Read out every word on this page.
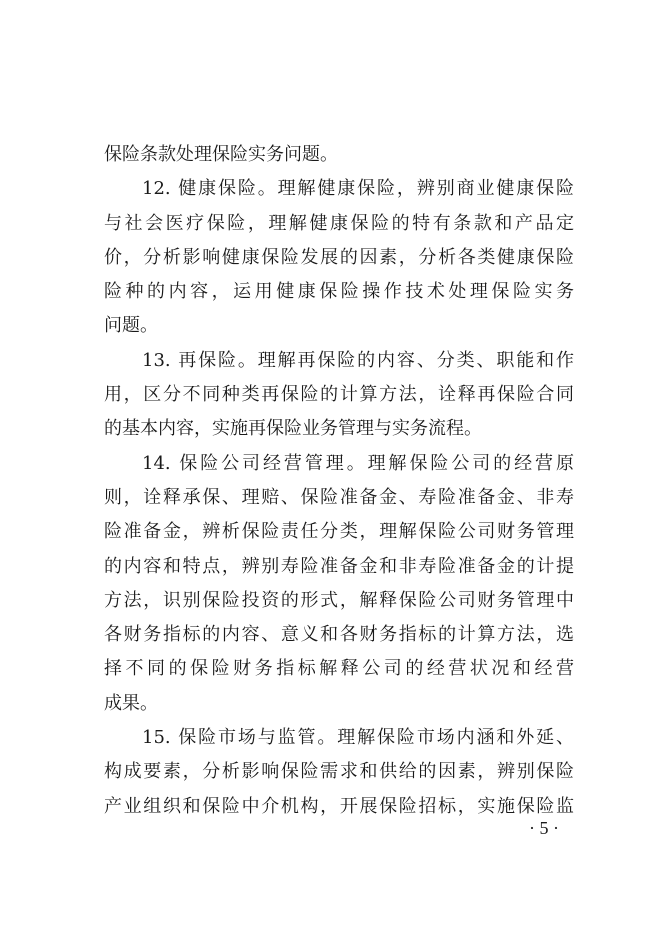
保险条款处理保险实务问题。
12. 健康保险。理解健康保险，辨别商业健康保险
与社会医疗保险，理解健康保险的特有条款和产品定
价，分析影响健康保险发展的因素，分析各类健康保险
险种的内容，运用健康保险操作技术处理保险实务
问题。
13. 再保险。理解再保险的内容、分类、职能和作
用，区分不同种类再保险的计算方法，诠释再保险合同
的基本内容，实施再保险业务管理与实务流程。
14. 保险公司经营管理。理解保险公司的经营原
则，诠释承保、理赔、保险准备金、寿险准备金、非寿
险准备金，辨析保险责任分类，理解保险公司财务管理
的内容和特点，辨别寿险准备金和非寿险准备金的计提
方法，识别保险投资的形式，解释保险公司财务管理中
各财务指标的内容、意义和各财务指标的计算方法，选
择不同的保险财务指标解释公司的经营状况和经营
成果。
15. 保险市场与监管。理解保险市场内涵和外延、
构成要素，分析影响保险需求和供给的因素，辨别保险
产业组织和保险中介机构，开展保险招标，实施保险监
· 5 ·
